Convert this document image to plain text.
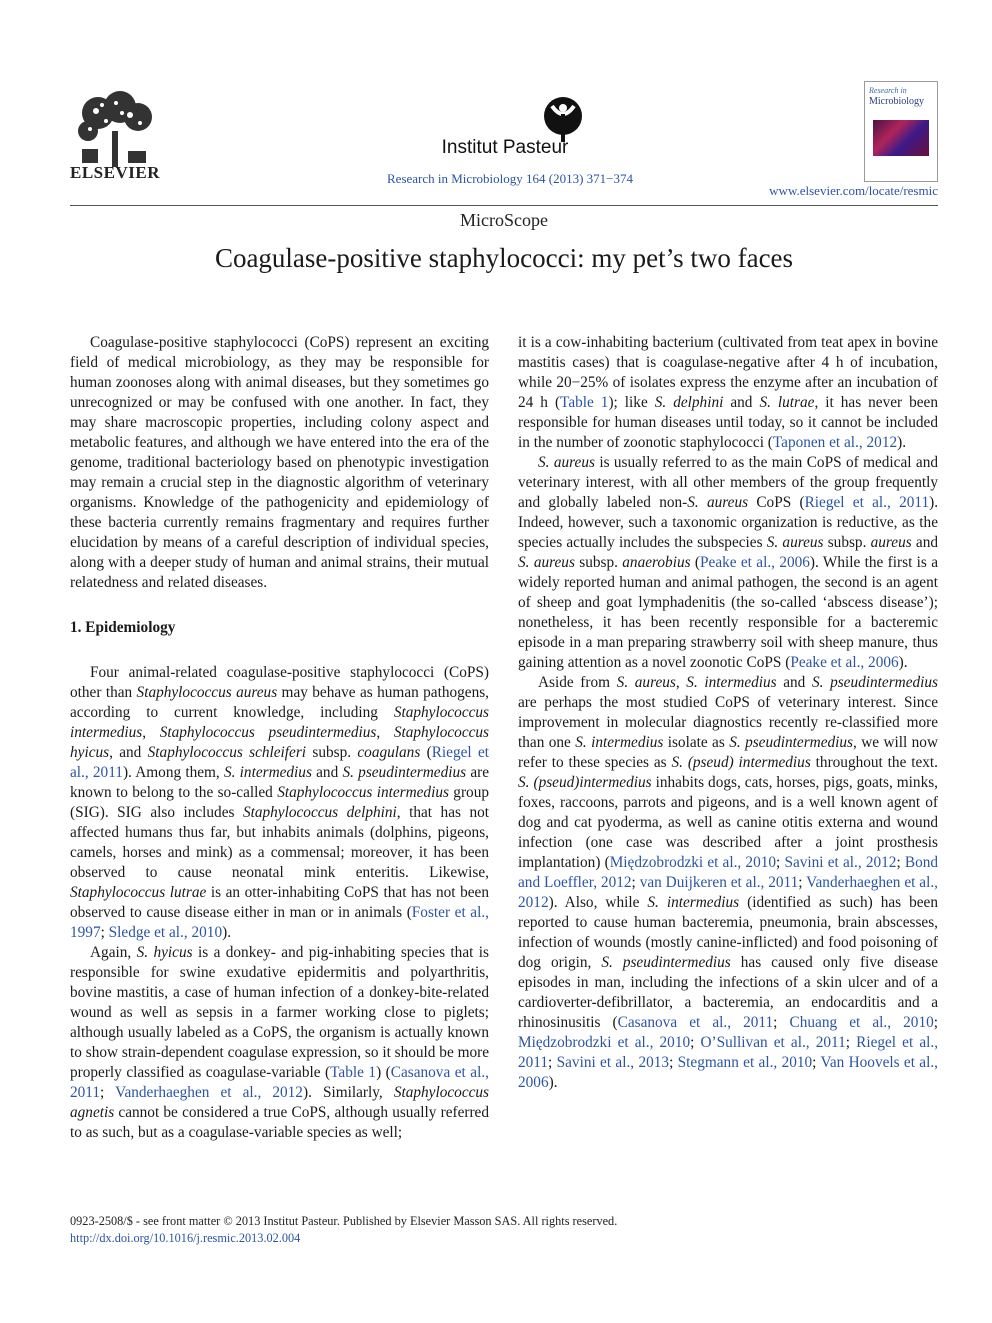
ELSEVIER
Institut Pasteur
Research in Microbiology 164 (2013) 371−374
Research in
Microbiology
www.elsevier.com/locate/resmic
MicroScope
Coagulase-positive staphylococci: my pet’s two faces

Coagulase-positive staphylococci (CoPS) represent an exciting field of medical microbiology, as they may be responsible for human zoonoses along with animal diseases, but they sometimes go unrecognized or may be confused with one another. In fact, they may share macroscopic properties, including colony aspect and metabolic features, and although we have entered into the era of the genome, traditional bacteriology based on phenotypic investigation may remain a crucial step in the diagnostic algorithm of veterinary organisms. Knowledge of the pathogenicity and epidemiology of these bacteria currently remains fragmentary and requires further elucidation by means of a careful description of individual species, along with a deeper study of human and animal strains, their mutual relatedness and related diseases.

1. Epidemiology

Four animal-related coagulase-positive staphylococci (CoPS) other than Staphylococcus aureus may behave as human pathogens, according to current knowledge, including Staphylococcus intermedius, Staphylococcus pseudintermedius, Staphylococcus hyicus, and Staphylococcus schleiferi subsp. coagulans (Riegel et al., 2011). Among them, S. intermedius and S. pseudintermedius are known to belong to the so-called Staphylococcus intermedius group (SIG). SIG also includes Staphylococcus delphini, that has not affected humans thus far, but inhabits animals (dolphins, pigeons, camels, horses and mink) as a commensal; moreover, it has been observed to cause neonatal mink enteritis. Likewise, Staphylococcus lutrae is an otter-inhabiting CoPS that has not been observed to cause disease either in man or in animals (Foster et al., 1997; Sledge et al., 2010).

Again, S. hyicus is a donkey- and pig-inhabiting species that is responsible for swine exudative epidermitis and polyarthritis, bovine mastitis, a case of human infection of a donkey-bite-related wound as well as sepsis in a farmer working close to piglets; although usually labeled as a CoPS, the organism is actually known to show strain-dependent coagulase expression, so it should be more properly classified as coagulase-variable (Table 1) (Casanova et al., 2011; Vanderhaeghen et al., 2012). Similarly, Staphylococcus agnetis cannot be considered a true CoPS, although usually referred to as such, but as a coagulase-variable species as well;

it is a cow-inhabiting bacterium (cultivated from teat apex in bovine mastitis cases) that is coagulase-negative after 4 h of incubation, while 20−25% of isolates express the enzyme after an incubation of 24 h (Table 1); like S. delphini and S. lutrae, it has never been responsible for human diseases until today, so it cannot be included in the number of zoonotic staphylococci (Taponen et al., 2012).

S. aureus is usually referred to as the main CoPS of medical and veterinary interest, with all other members of the group frequently and globally labeled non-S. aureus CoPS (Riegel et al., 2011). Indeed, however, such a taxonomic organization is reductive, as the species actually includes the subspecies S. aureus subsp. aureus and S. aureus subsp. anaerobius (Peake et al., 2006). While the first is a widely reported human and animal pathogen, the second is an agent of sheep and goat lymphadenitis (the so-called ‘abscess disease’); nonetheless, it has been recently responsible for a bacteremic episode in a man preparing strawberry soil with sheep manure, thus gaining attention as a novel zoonotic CoPS (Peake et al., 2006).

Aside from S. aureus, S. intermedius and S. pseudintermedius are perhaps the most studied CoPS of veterinary interest. Since improvement in molecular diagnostics recently re-classified more than one S. intermedius isolate as S. pseudintermedius, we will now refer to these species as S. (pseud) intermedius throughout the text. S. (pseud)intermedius inhabits dogs, cats, horses, pigs, goats, minks, foxes, raccoons, parrots and pigeons, and is a well known agent of dog and cat pyoderma, as well as canine otitis externa and wound infection (one case was described after a joint prosthesis implantation) (Międzobrodzki et al., 2010; Savini et al., 2012; Bond and Loeffler, 2012; van Duijkeren et al., 2011; Vanderhaeghen et al., 2012). Also, while S. intermedius (identified as such) has been reported to cause human bacteremia, pneumonia, brain abscesses, infection of wounds (mostly canine-inflicted) and food poisoning of dog origin, S. pseudintermedius has caused only five disease episodes in man, including the infections of a skin ulcer and of a cardioverter-defibrillator, a bacteremia, an endocarditis and a rhinosinusitis (Casanova et al., 2011; Chuang et al., 2010; Międzobrodzki et al., 2010; O’Sullivan et al., 2011; Riegel et al., 2011; Savini et al., 2013; Stegmann et al., 2010; Van Hoovels et al., 2006).

0923-2508/$ - see front matter © 2013 Institut Pasteur. Published by Elsevier Masson SAS. All rights reserved.
http://dx.doi.org/10.1016/j.resmic.2013.02.004
